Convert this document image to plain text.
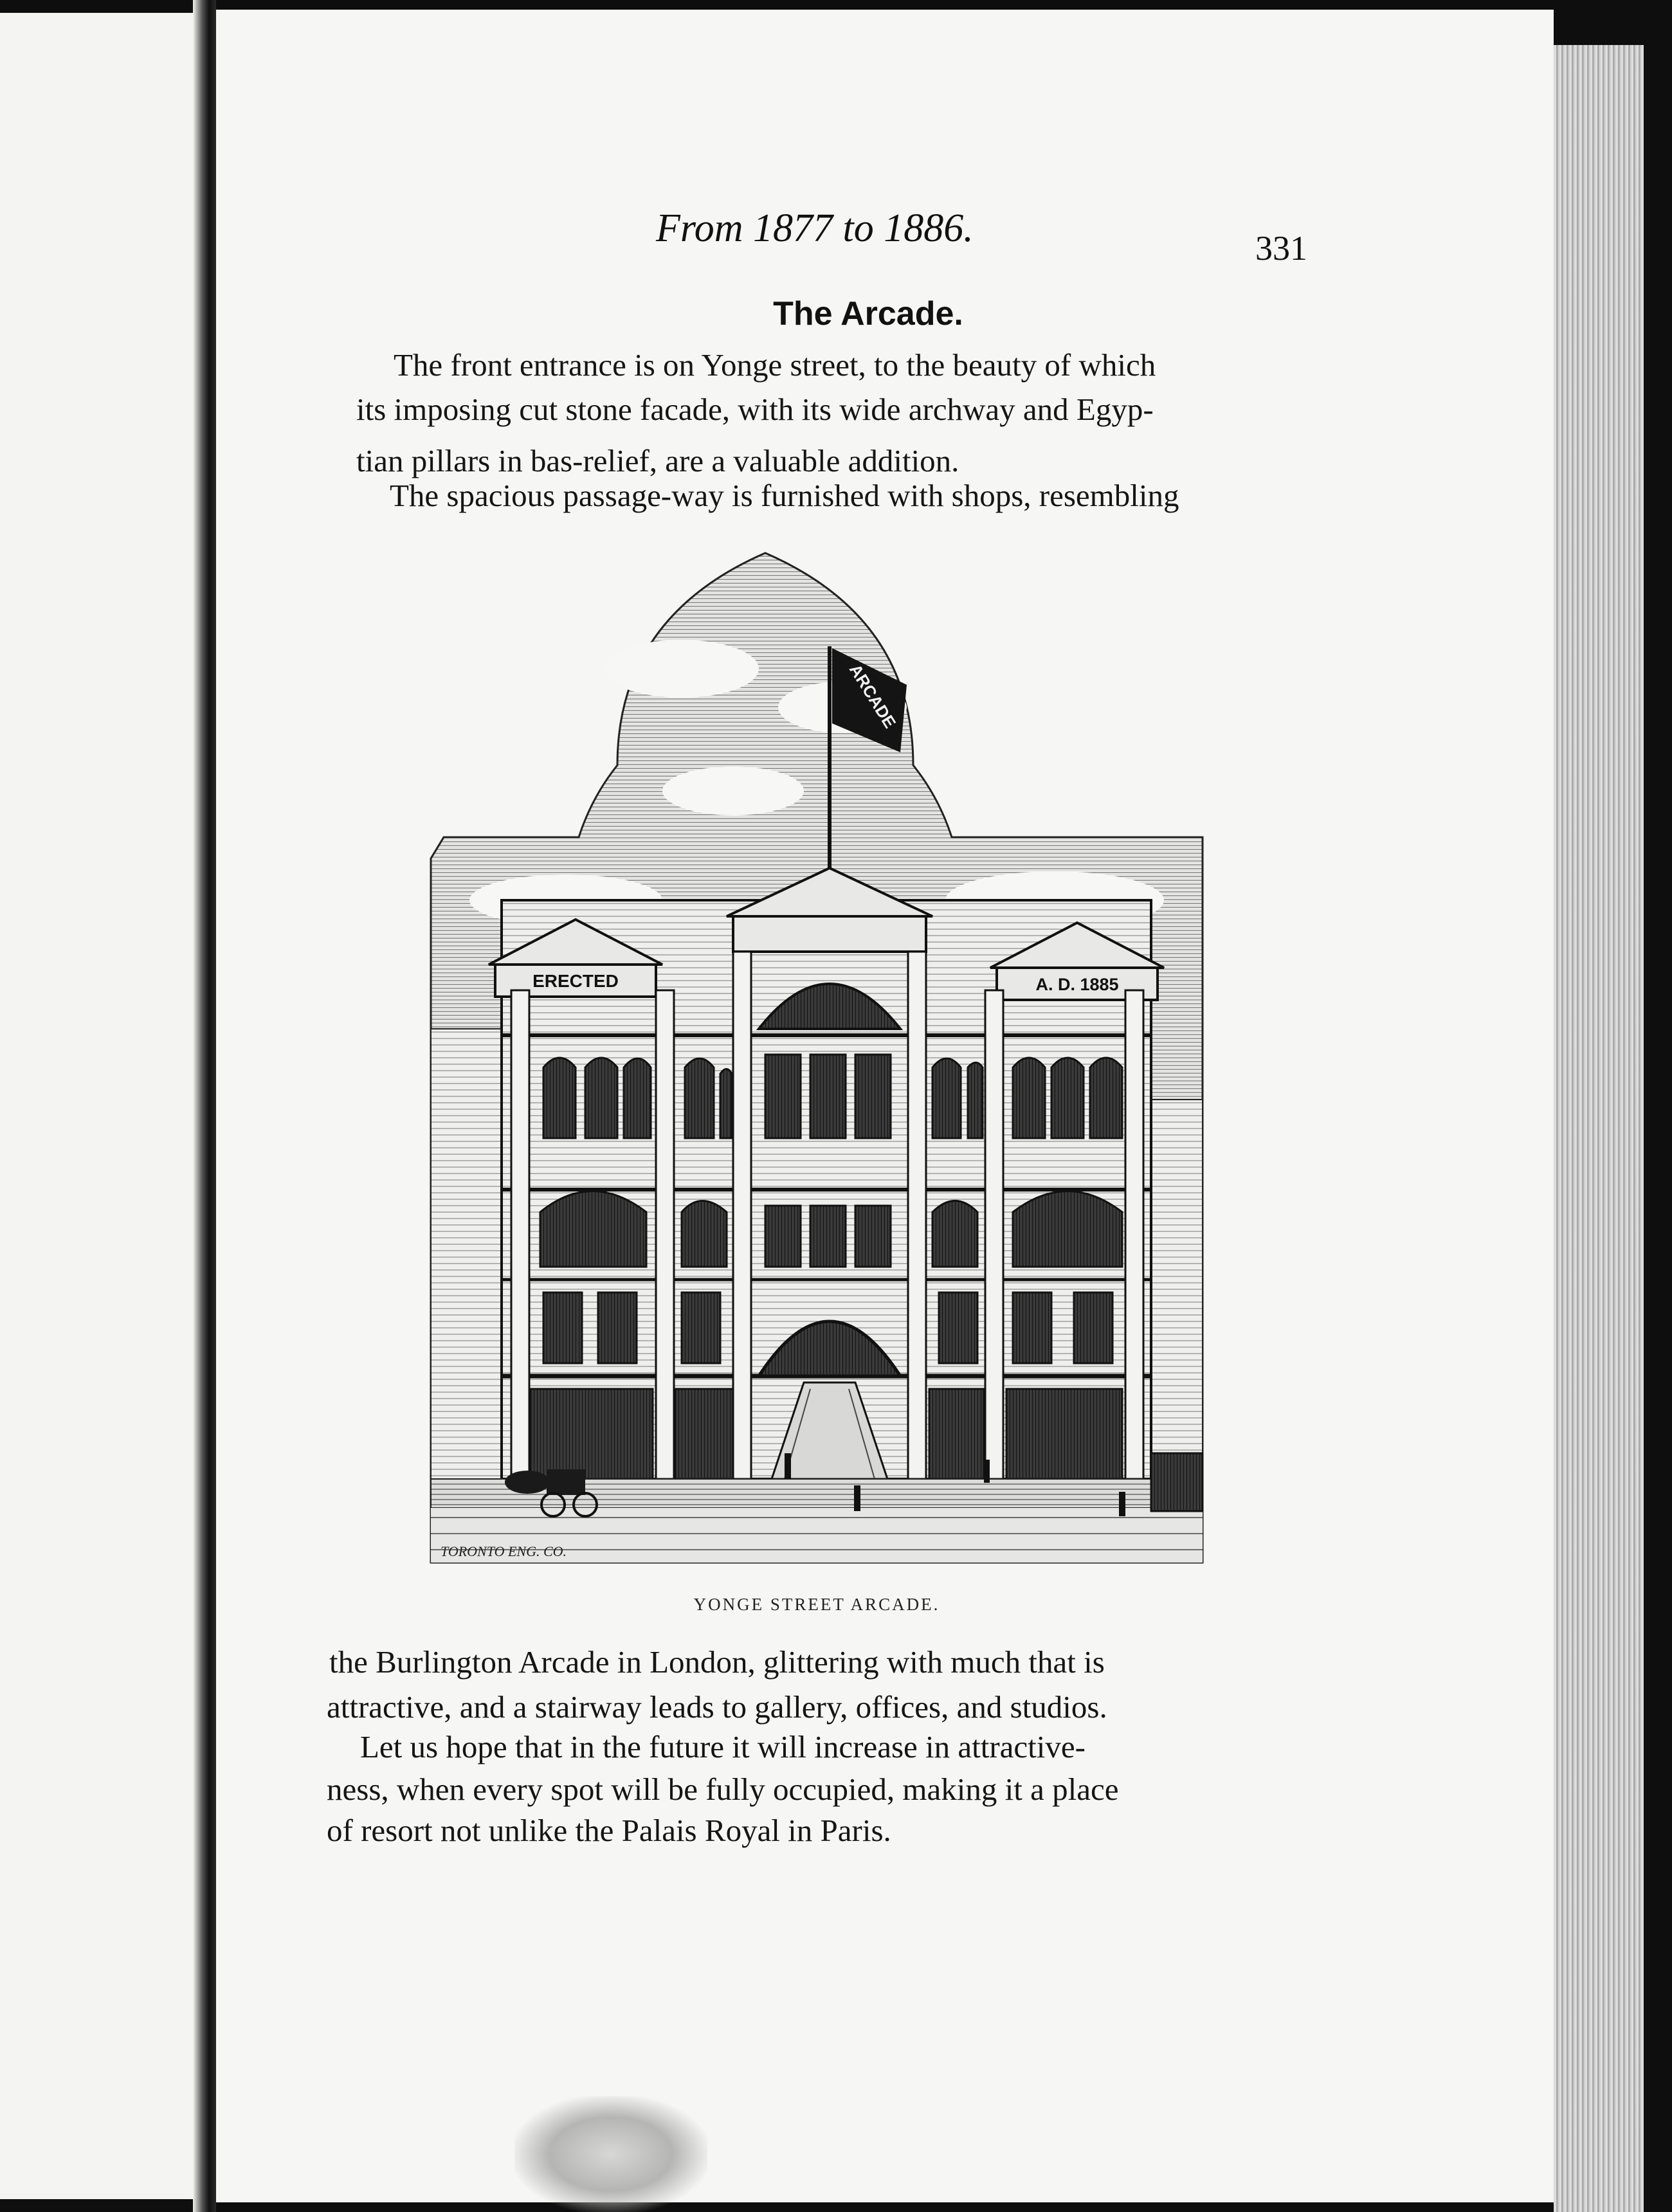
From 1877 to 1886.	331
The Arcade.
The front entrance is on Yonge street, to the beauty of which
its imposing cut stone facade, with its wide archway and Egyp-
tian pillars in bas-relief, are a valuable addition.
The spacious passage-way is furnished with shops, resembling
ARCADE
ERECTED	A. D. 1885
TORONTO ENG. CO.
YONGE STREET ARCADE.
the Burlington Arcade in London, glittering with much that is
attractive, and a stairway leads to gallery, offices, and studios.
Let us hope that in the future it will increase in attractive-
ness, when every spot will be fully occupied, making it a place
of resort not unlike the Palais Royal in Paris.
